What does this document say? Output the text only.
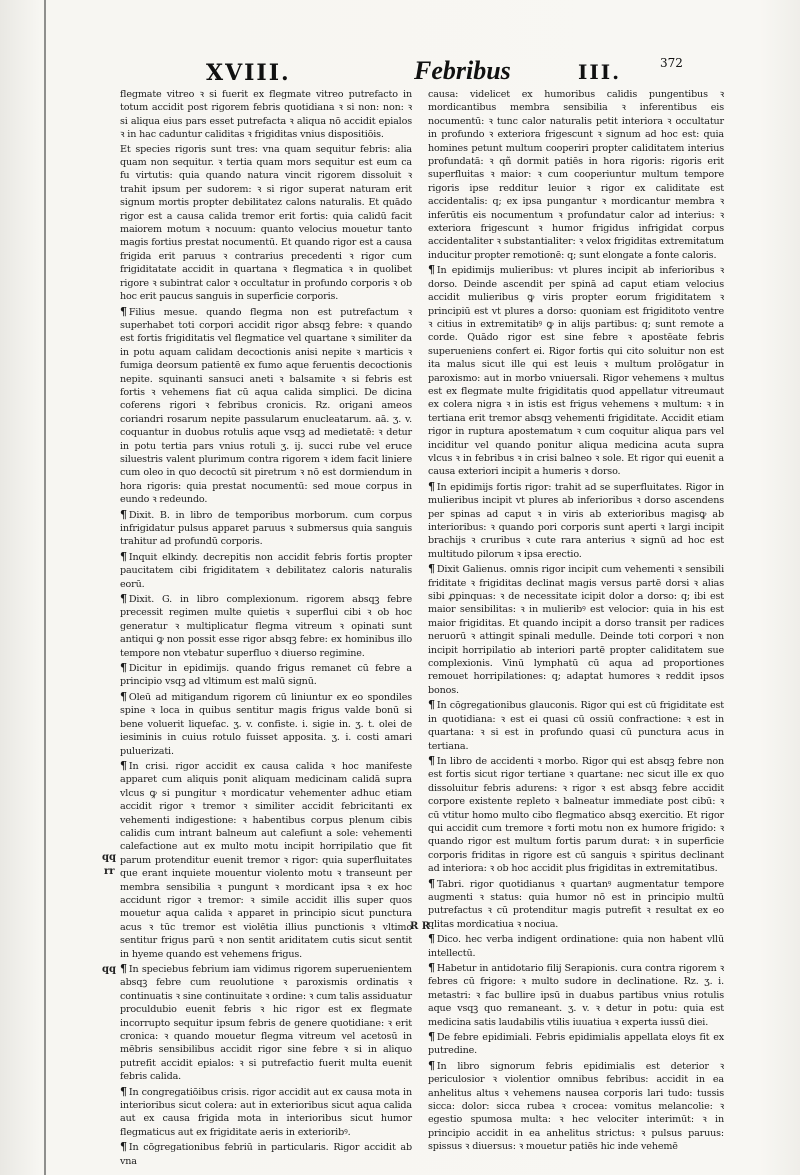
XVIII.	Febribus	III.	372
qq
rr
qq
R R

flegmate vitreo ꝛ si fuerit ex flegmate vitreo putrefacto in totum accidit post rigorem febris quotidiana ꝛ si non: non: ꝛ si aliqua eius pars esset putrefacta ꝛ aliqua nō accidit epialos ꝛ in hac caduntur caliditas ꝛ frigiditas vnius dispositiōis.

Et species rigoris sunt tres: vna quam sequitur febris: alia quam non sequitur. ꝛ tertia quam mors sequitur est eum ca fu virtutis: quia quando natura vincit rigorem dissoluit ꝛ trahit ipsum per sudorem: ꝛ si rigor superat naturam erit signum mortis propter debilitatez calons naturalis. Et quādo rigor est a causa calida tremor erit fortis: quia calidū facit maiorem motum ꝛ nocuum: quanto velocius mouetur tanto magis fortius prestat nocumentū. Et quando rigor est a causa frigida erit paruus ꝛ contrarius precedenti ꝛ rigor cum frigiditatate accidit in quartana ꝛ flegmatica ꝛ in quolibet rigore ꝛ subintrat calor ꝛ occultatur in profundo corporis ꝛ ob hoc erit paucus sanguis in superficie corporis.

¶ Filius mesue. quando flegma non est putrefactum ꝛ superhabet toti corpori accidit rigor absqꝫ febre: ꝛ quando est fortis frigiditatis vel flegmatice vel quartane ꝛ similiter da in potu aquam calidam decoctionis anisi nepite ꝛ marticis ꝛ fumiga deorsum patientē ex fumo aque feruentis decoctionis nepite. squinanti sansuci aneti ꝛ balsamite ꝛ si febris est fortis ꝛ vehemens fiat cū aqua calida simplici. De dicina coferens rigori ꝛ febribus cronicis. Rz. origani ameos coriandri rosarum nepite passularum enucleatarum. aā. ʒ. v. coquantur in duobus rotulis aque vsqꝫ ad medietatē: ꝛ detur in potu tertia pars vnius rotuli ʒ. ij. succi rube vel eruce siluestris valent plurimum contra rigorem ꝛ idem facit liniere cum oleo in quo decoctū sit piretrum ꝛ nō est dormiendum in hora rigoris: quia prestat nocumentū: sed moue corpus in eundo ꝛ redeundo.

¶ Dixit. B. in libro de temporibus morborum. cum corpus infrigidatur pulsus apparet paruus ꝛ submersus quia sanguis trahitur ad profundū corporis.

¶ Inquit elkindy. decrepitis non accidit febris fortis propter paucitatem cibi frigiditatem ꝛ debilitatez caloris naturalis eorū.

¶ Dixit. G. in libro complexionum. rigorem absqꝫ febre precessit regimen multe quietis ꝛ superflui cibi ꝛ ob hoc generatur ꝛ multiplicatur flegma vitreum ꝛ opinati sunt antiqui ꝙ non possit esse rigor absqꝫ febre: ex hominibus illo tempore non vtebatur superfluo ꝛ diuerso regimine.

¶ Dicitur in epidimijs. quando frigus remanet cū febre a principio vsqꝫ ad vltimum est malū signū.

¶ Oleū ad mitigandum rigorem cū liniuntur ex eo spondiles spine ꝛ loca in quibus sentitur magis frigus valde bonū si bene voluerit liquefac. ʒ. v. confiste. i. sigie in. ʒ. t. olei de iesiminis in cuius rotulo fuisset apposita. ʒ. i. costi amari puluerizati.

¶ In crisi. rigor accidit ex causa calida ꝛ hoc manifeste apparet cum aliquis ponit aliquam medicinam calidā supra vlcus ꝙ si pungitur ꝛ mordicatur vehementer adhuc etiam accidit rigor ꝛ tremor ꝛ similiter accidit febricitanti ex vehementi indigestione: ꝛ habentibus corpus plenum cibis calidis cum intrant balneum aut calefiunt a sole: vehementi calefactione aut ex multo motu incipit horripilatio que fit parum protenditur euenit tremor ꝛ rigor: quia superfluitates que erant inquiete mouentur violento motu ꝛ transeunt per membra sensibilia ꝛ pungunt ꝛ mordicant ipsa ꝛ ex hoc accidunt rigor ꝛ tremor: ꝛ simile accidit illis super quos mouetur aqua calida ꝛ apparet in principio sicut punctura acus ꝛ tūc tremor est violētia illius punctionis ꝛ vltimo sentitur frigus parū ꝛ non sentit ariditatem cutis sicut sentit in hyeme quando est vehemens frigus.

¶ In speciebus febrium iam vidimus rigorem superuenientem absqꝫ febre cum reuolutione ꝛ paroxismis ordinatis ꝛ continuatis ꝛ sine continuitate ꝛ ordine: ꝛ cum talis assiduatur proculdubio euenit febris ꝛ hic rigor est ex flegmate incorrupto sequitur ipsum febris de genere quotidiane: ꝛ erit cronica: ꝛ quando mouetur flegma vitreum vel acetosū in mēbris sensibilibus accidit rigor sine febre ꝛ si in aliquo putrefit accidit epialos: ꝛ si putrefactio fuerit multa euenit febris calida.

¶ In congregatiōibus crisis. rigor accidit aut ex causa mota in interioribus sicut colera: aut in exterioribus sicut aqua calida aut ex causa frigida mota in interioribus sicut humor flegmaticus aut ex frigiditate aeris in exterioribꝰ.

¶ In cōgregationibus febriū in particularis. Rigor accidit ab vna

causa: videlicet ex humoribus calidis pungentibus ꝛ mordicantibus membra sensibilia ꝛ inferentibus eis nocumentū: ꝛ tunc calor naturalis petit interiora ꝛ occultatur in profundo ꝛ exteriora frigescunt ꝛ signum ad hoc est: quia homines petunt multum cooperiri propter caliditatem interius profundatā: ꝛ qñ dormit patiēs in hora rigoris: rigoris erit superfluitas ꝛ maior: ꝛ cum cooperiuntur multum tempore rigoris ipse redditur leuior ꝛ rigor ex caliditate est accidentalis: q; ex ipsa pungantur ꝛ mordicantur membra ꝛ inferūtis eis nocumentum ꝛ profundatur calor ad interius: ꝛ exteriora frigescunt ꝛ humor frigidus infrigidat corpus accidentaliter ꝛ substantialiter: ꝛ velox frigiditas extremitatum inducitur propter remotionē: q; sunt elongate a fonte caloris.

¶ In epidimijs mulieribus: vt plures incipit ab inferioribus ꝛ dorso. Deinde ascendit per spinā ad caput etiam velocius accidit mulieribus ꝙ viris propter eorum frigiditatem ꝛ principiū est vt plures a dorso: quoniam est frigiditoto ventre ꝛ citius in extremitatibꝰ ꝙ in alijs partibus: q; sunt remote a corde. Quādo rigor est sine febre ꝛ apostēate febris superueniens confert ei. Rigor fortis qui cito soluitur non est ita malus sicut ille qui est leuis ꝛ multum prolōgatur in paroxismo: aut in morbo vniuersali. Rigor vehemens ꝛ multus est ex flegmate multe frigiditatis quod appellatur vitreumaut ex colera nigra ꝛ in istis est frigus vehemens ꝛ multum: ꝛ in tertiana erit tremor absqꝫ vehementi frigiditate. Accidit etiam rigor in ruptura apostematum ꝛ cum coquitur aliqua pars vel inciditur vel quando ponitur aliqua medicina acuta supra vlcus ꝛ in febribus ꝛ in crisi balneo ꝛ sole. Et rigor qui euenit a causa exteriori incipit a humeris ꝛ dorso.

¶ In epidimijs fortis rigor: trahit ad se superfluitates. Rigor in mulieribus incipit vt plures ab inferioribus ꝛ dorso ascendens per spinas ad caput ꝛ in viris ab exterioribus magisꝙ ab interioribus: ꝛ quando pori corporis sunt aperti ꝛ largi incipit brachijs ꝛ cruribus ꝛ cute rara anterius ꝛ signū ad hoc est multitudo pilorum ꝛ ipsa erectio.

¶ Dixit Galienus. omnis rigor incipit cum vehementi ꝛ sensibili friditate ꝛ frigiditas declinat magis versus partē dorsi ꝛ alias sibi ꝓpinquas: ꝛ de necessitate icipit dolor a dorso: q; ibi est maior sensibilitas: ꝛ in mulieribꝰ est velocior: quia in his est maior frigiditas. Et quando incipit a dorso transit per radices neruorū ꝛ attingit spinali medulle. Deinde toti corpori ꝛ non incipit horripilatio ab interiori partē propter caliditatem sue complexionis. Vinū lymphatū cū aqua ad proportiones remouet horripilationes: q; adaptat humores ꝛ reddit ipsos bonos.

¶ In cōgregationibus glauconis. Rigor qui est cū frigiditate est in quotidiana: ꝛ est ei quasi cū ossiū confractione: ꝛ est in quartana: ꝛ si est in profundo quasi cū punctura acus in tertiana.

¶ In libro de accidenti ꝛ morbo. Rigor qui est absqꝫ febre non est fortis sicut rigor tertiane ꝛ quartane: nec sicut ille ex quo dissoluitur febris adurens: ꝛ rigor ꝛ est absqꝫ febre accidit corpore existente repleto ꝛ balneatur immediate post cibū: ꝛ cū vtitur homo multo cibo flegmatico absqꝫ exercitio. Et rigor qui accidit cum tremore ꝛ forti motu non ex humore frigido: ꝛ quando rigor est multum fortis parum durat: ꝛ in superficie corporis friditas in rigore est cū sanguis ꝛ spiritus declinant ad interiora: ꝛ ob hoc accidit plus frigiditas in extremitatibus.

¶ Tabri. rigor quotidianus ꝛ quartanꝰ augmentatur tempore augmenti ꝛ status: quia humor nō est in principio multū putrefactus ꝛ cū protenditur magis putrefit ꝛ resultat ex eo qlitas mordicatiua ꝛ nociua.

¶ Dico. hec verba indigent ordinatione: quia non habent vllū intellectū.

¶ Habetur in antidotario filij Serapionis. cura contra rigorem ꝛ febres cū frigore: ꝛ multo sudore in declinatione. Rz. ʒ. i. metastri: ꝛ fac bullire ipsū in duabus partibus vnius rotulis aque vsqꝫ quo remaneant. ʒ. v. ꝛ detur in potu: quia est medicina satis laudabilis vtilis iuuatiua ꝛ experta iussū diei.

¶ De febre epidimiali. Febris epidimialis appellata eloys fit ex putredine.

¶ In libro signorum febris epidimialis est deterior ꝛ periculosior ꝛ violentior omnibus febribus: accidit in ea anhelitus altus ꝛ vehemens nausea corporis lari tudo: tussis sicca: dolor: sicca rubea ꝛ crocea: vomitus melancolie: ꝛ egestio spumosa multa: ꝛ hec velociter interimūt: ꝛ in principio accidit in ea anhelitus strictus: ꝛ pulsus paruus: spissus ꝛ diuersus: ꝛ mouetur patiēs hic inde vehemē
